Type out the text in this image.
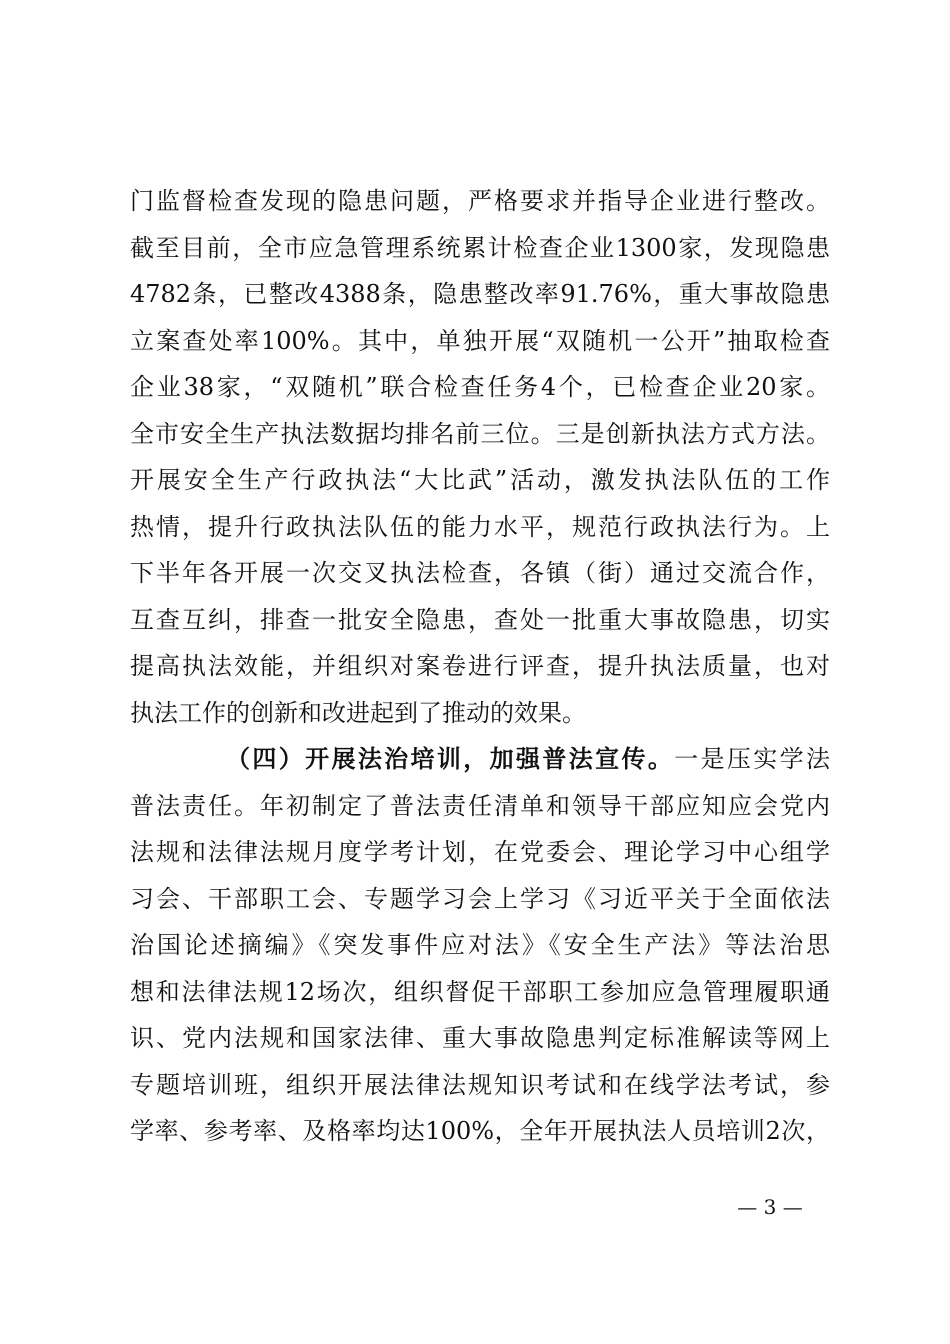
门监督检查发现的隐患问题，严格要求并指导企业进行整改。
截至目前，全市应急管理系统累计检查企业1300家，发现隐患
4782条，已整改4388条，隐患整改率91.76%，重大事故隐患
立案查处率100%。其中，单独开展“双随机一公开”抽取检查
企业38家，“双随机”联合检查任务4个，已检查企业20家。
全市安全生产执法数据均排名前三位。三是创新执法方式方法。
开展安全生产行政执法“大比武”活动，激发执法队伍的工作
热情，提升行政执法队伍的能力水平，规范行政执法行为。上
下半年各开展一次交叉执法检查，各镇（街）通过交流合作，
互查互纠，排查一批安全隐患，查处一批重大事故隐患，切实
提高执法效能，并组织对案卷进行评查，提升执法质量，也对
执法工作的创新和改进起到了推动的效果。
（四）开展法治培训，加强普法宣传。一是压实学法
普法责任。年初制定了普法责任清单和领导干部应知应会党内
法规和法律法规月度学考计划，在党委会、理论学习中心组学
习会、干部职工会、专题学习会上学习《习近平关于全面依法
治国论述摘编》《突发事件应对法》《安全生产法》等法治思
想和法律法规12场次，组织督促干部职工参加应急管理履职通
识、党内法规和国家法律、重大事故隐患判定标准解读等网上
专题培训班，组织开展法律法规知识考试和在线学法考试，参
学率、参考率、及格率均达100%，全年开展执法人员培训2次，
— 3 —
